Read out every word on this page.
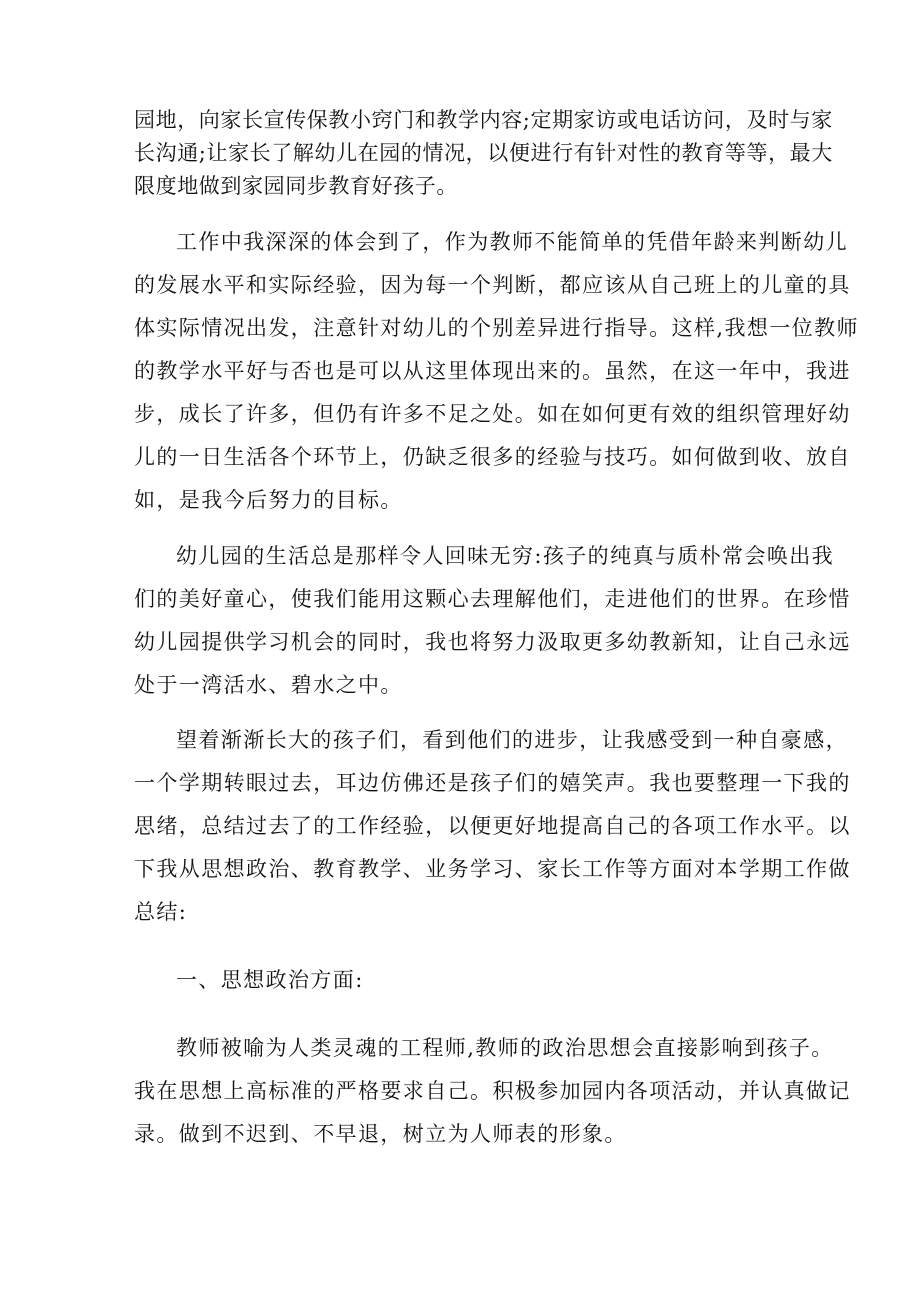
园地，向家长宣传保教小窍门和教学内容;定期家访或电话访问，及时与家
长沟通;让家长了解幼儿在园的情况，以便进行有针对性的教育等等，最大
限度地做到家园同步教育好孩子。
工作中我深深的体会到了，作为教师不能简单的凭借年龄来判断幼儿
的发展水平和实际经验，因为每一个判断，都应该从自己班上的儿童的具
体实际情况出发，注意针对幼儿的个别差异进行指导。这样,我想一位教师
的教学水平好与否也是可以从这里体现出来的。虽然，在这一年中，我进
步，成长了许多，但仍有许多不足之处。如在如何更有效的组织管理好幼
儿的一日生活各个环节上，仍缺乏很多的经验与技巧。如何做到收、放自
如，是我今后努力的目标。
幼儿园的生活总是那样令人回味无穷:孩子的纯真与质朴常会唤出我
们的美好童心，使我们能用这颗心去理解他们，走进他们的世界。在珍惜
幼儿园提供学习机会的同时，我也将努力汲取更多幼教新知，让自己永远
处于一湾活水、碧水之中。
望着渐渐长大的孩子们，看到他们的进步，让我感受到一种自豪感，
一个学期转眼过去，耳边仿佛还是孩子们的嬉笑声。我也要整理一下我的
思绪，总结过去了的工作经验，以便更好地提高自己的各项工作水平。以
下我从思想政治、教育教学、业务学习、家长工作等方面对本学期工作做
总结:
一、思想政治方面:
教师被喻为人类灵魂的工程师,教师的政治思想会直接影响到孩子。
我在思想上高标准的严格要求自己。积极参加园内各项活动，并认真做记
录。做到不迟到、不早退，树立为人师表的形象。
